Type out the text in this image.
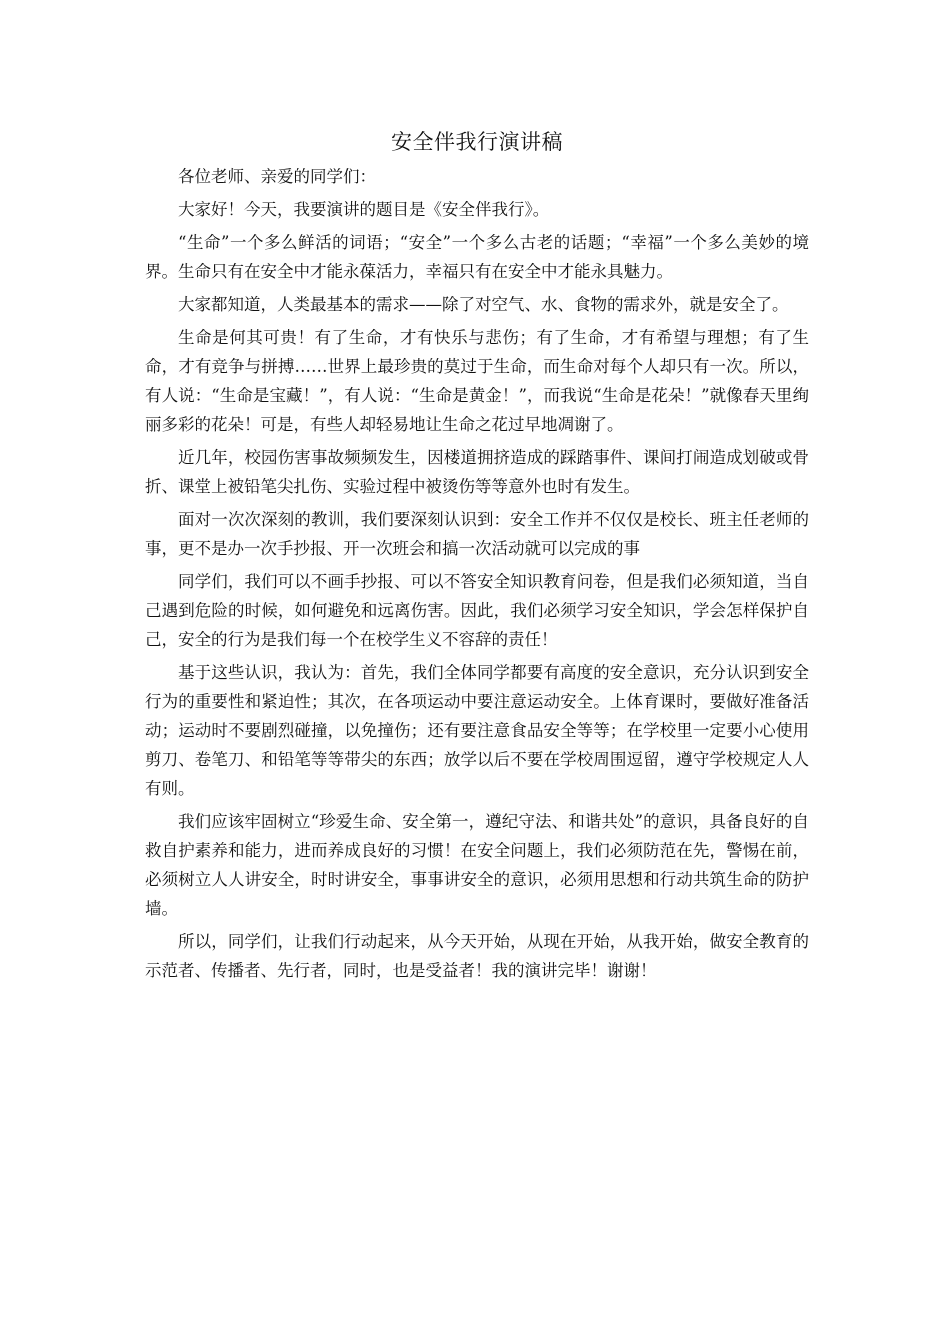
安全伴我行演讲稿

各位老师、亲爱的同学们：

大家好！今天，我要演讲的题目是《安全伴我行》。

“生命”一个多么鲜活的词语；“安全”一个多么古老的话题；“幸福”一个多么美妙的境界。生命只有在安全中才能永葆活力，幸福只有在安全中才能永具魅力。

大家都知道，人类最基本的需求——除了对空气、水、食物的需求外，就是安全了。

生命是何其可贵！有了生命，才有快乐与悲伤；有了生命，才有希望与理想；有了生命，才有竞争与拼搏……世界上最珍贵的莫过于生命，而生命对每个人却只有一次。所以，有人说：“生命是宝藏！”，有人说：“生命是黄金！”，而我说“生命是花朵！”就像春天里绚丽多彩的花朵！可是，有些人却轻易地让生命之花过早地凋谢了。

近几年，校园伤害事故频频发生，因楼道拥挤造成的踩踏事件、课间打闹造成划破或骨折、课堂上被铅笔尖扎伤、实验过程中被烫伤等等意外也时有发生。

面对一次次深刻的教训，我们要深刻认识到：安全工作并不仅仅是校长、班主任老师的事，更不是办一次手抄报、开一次班会和搞一次活动就可以完成的事

同学们，我们可以不画手抄报、可以不答安全知识教育问卷，但是我们必须知道，当自己遇到危险的时候，如何避免和远离伤害。因此，我们必须学习安全知识，学会怎样保护自己，安全的行为是我们每一个在校学生义不容辞的责任！

基于这些认识，我认为：首先，我们全体同学都要有高度的安全意识，充分认识到安全行为的重要性和紧迫性；其次，在各项运动中要注意运动安全。上体育课时，要做好准备活动；运动时不要剧烈碰撞，以免撞伤；还有要注意食品安全等等；在学校里一定要小心使用剪刀、卷笔刀、和铅笔等等带尖的东西；放学以后不要在学校周围逗留，遵守学校规定人人有则。

我们应该牢固树立“珍爱生命、安全第一，遵纪守法、和谐共处”的意识，具备良好的自救自护素养和能力，进而养成良好的习惯！在安全问题上，我们必须防范在先，警惕在前，必须树立人人讲安全，时时讲安全，事事讲安全的意识，必须用思想和行动共筑生命的防护墙。

所以，同学们，让我们行动起来，从今天开始，从现在开始，从我开始，做安全教育的示范者、传播者、先行者，同时，也是受益者！我的演讲完毕！谢谢！
